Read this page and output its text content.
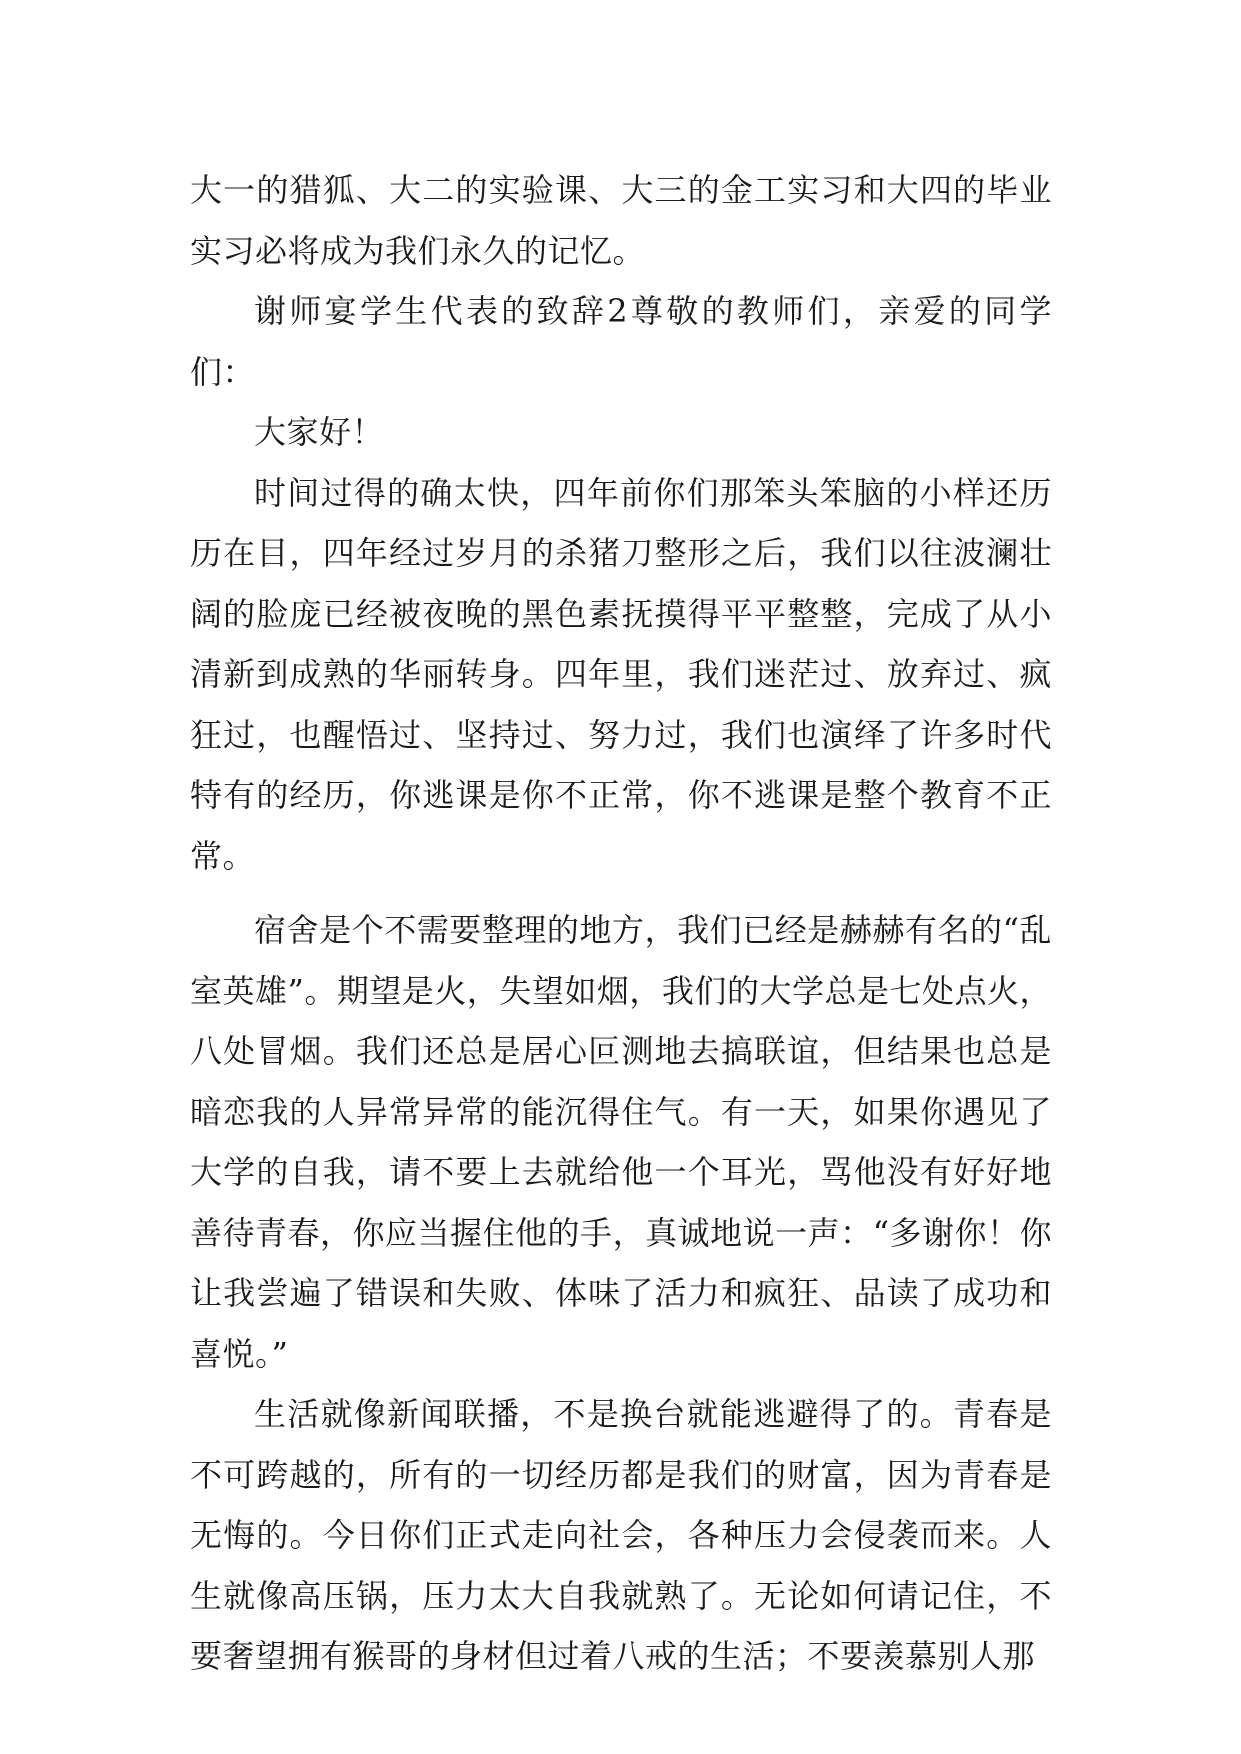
大一的猎狐、大二的实验课、大三的金工实习和大四的毕业实习必将成为我们永久的记忆。

谢师宴学生代表的致辞2尊敬的教师们，亲爱的同学们：

大家好！

时间过得的确太快，四年前你们那笨头笨脑的小样还历历在目，四年经过岁月的杀猪刀整形之后，我们以往波澜壮阔的脸庞已经被夜晚的黑色素抚摸得平平整整，完成了从小清新到成熟的华丽转身。四年里，我们迷茫过、放弃过、疯狂过，也醒悟过、坚持过、努力过，我们也演绎了许多时代特有的经历，你逃课是你不正常，你不逃课是整个教育不正常。

宿舍是个不需要整理的地方，我们已经是赫赫有名的“乱室英雄”。期望是火，失望如烟，我们的大学总是七处点火，八处冒烟。我们还总是居心叵测地去搞联谊，但结果也总是暗恋我的人异常异常的能沉得住气。有一天，如果你遇见了大学的自我，请不要上去就给他一个耳光，骂他没有好好地善待青春，你应当握住他的手，真诚地说一声：“多谢你！你让我尝遍了错误和失败、体味了活力和疯狂、品读了成功和喜悦。”

生活就像新闻联播，不是换台就能逃避得了的。青春是不可跨越的，所有的一切经历都是我们的财富，因为青春是无悔的。今日你们正式走向社会，各种压力会侵袭而来。人生就像高压锅，压力太大自我就熟了。无论如何请记住，不要奢望拥有猴哥的身材但过着八戒的生活；不要羡慕别人那
